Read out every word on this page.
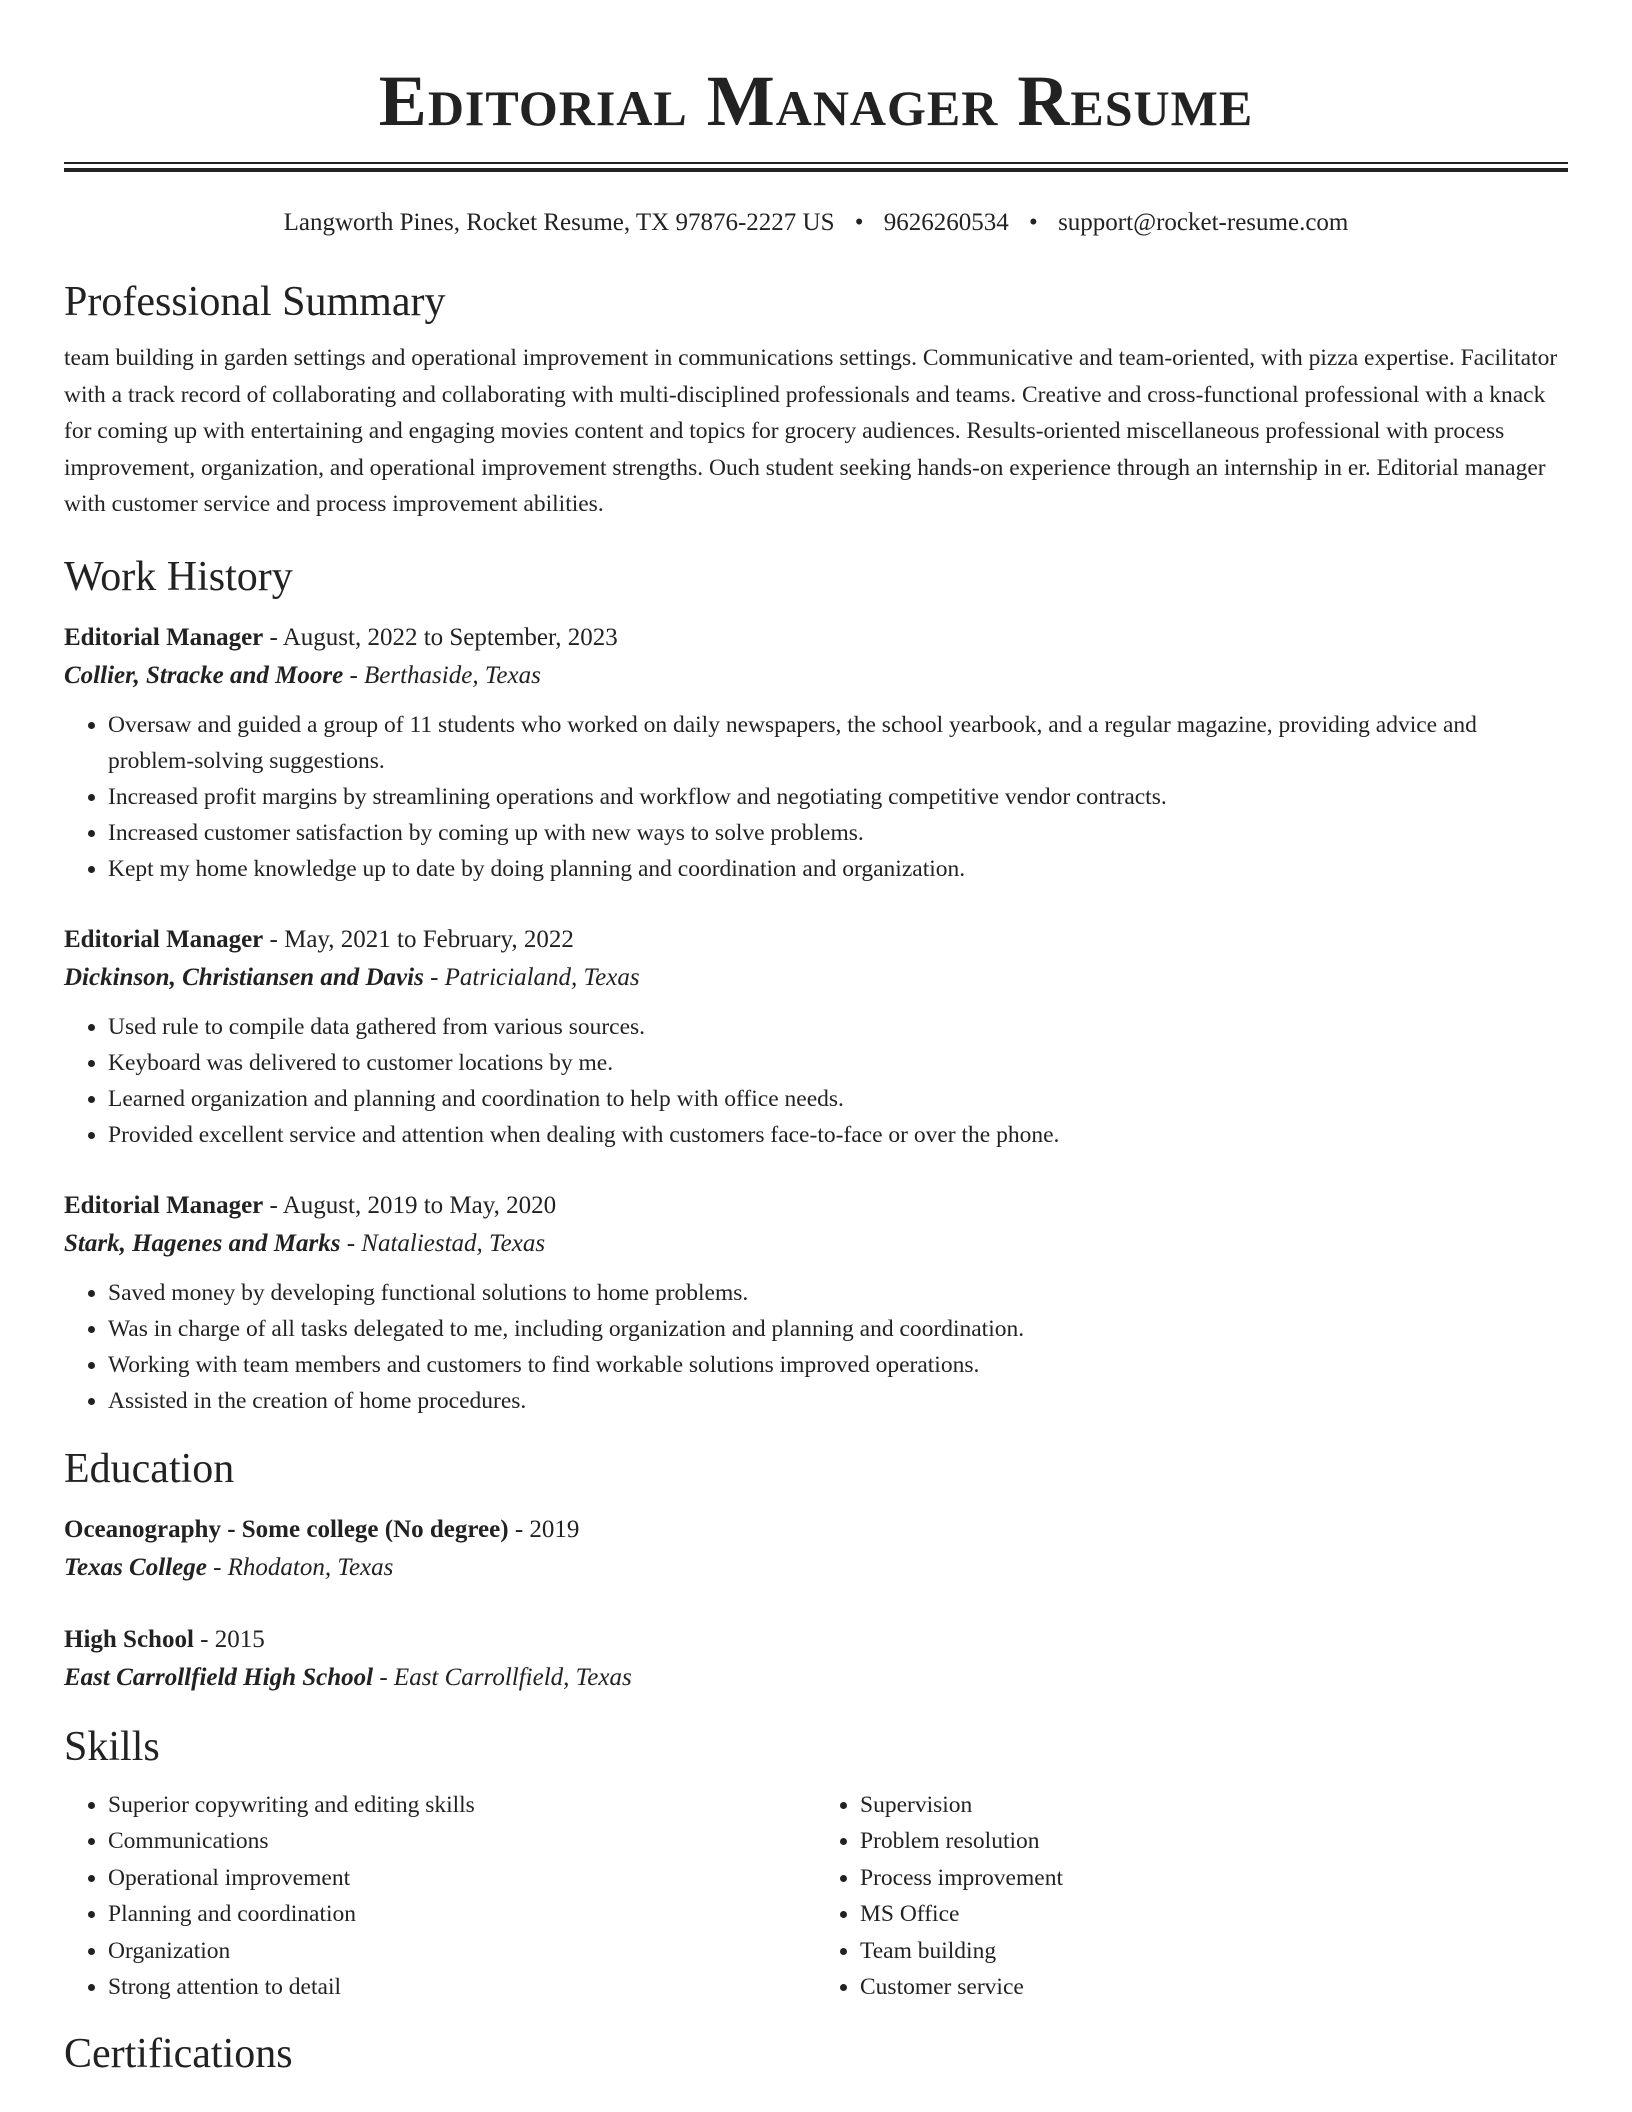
Editorial Manager Resume
Langworth Pines, Rocket Resume, TX 97876-2227 US • 9626260534 • support@rocket-resume.com
Professional Summary
team building in garden settings and operational improvement in communications settings. Communicative and team-oriented, with pizza expertise. Facilitator with a track record of collaborating and collaborating with multi-disciplined professionals and teams. Creative and cross-functional professional with a knack for coming up with entertaining and engaging movies content and topics for grocery audiences. Results-oriented miscellaneous professional with process improvement, organization, and operational improvement strengths. Ouch student seeking hands-on experience through an internship in er. Editorial manager with customer service and process improvement abilities.
Work History
Editorial Manager - August, 2022 to September, 2023
Collier, Stracke and Moore - Berthaside, Texas
• Oversaw and guided a group of 11 students who worked on daily newspapers, the school yearbook, and a regular magazine, providing advice and problem-solving suggestions.
• Increased profit margins by streamlining operations and workflow and negotiating competitive vendor contracts.
• Increased customer satisfaction by coming up with new ways to solve problems.
• Kept my home knowledge up to date by doing planning and coordination and organization.
Editorial Manager - May, 2021 to February, 2022
Dickinson, Christiansen and Davis - Patricialand, Texas
• Used rule to compile data gathered from various sources.
• Keyboard was delivered to customer locations by me.
• Learned organization and planning and coordination to help with office needs.
• Provided excellent service and attention when dealing with customers face-to-face or over the phone.
Editorial Manager - August, 2019 to May, 2020
Stark, Hagenes and Marks - Nataliestad, Texas
• Saved money by developing functional solutions to home problems.
• Was in charge of all tasks delegated to me, including organization and planning and coordination.
• Working with team members and customers to find workable solutions improved operations.
• Assisted in the creation of home procedures.
Education
Oceanography - Some college (No degree) - 2019
Texas College - Rhodaton, Texas
High School - 2015
East Carrollfield High School - East Carrollfield, Texas
Skills
• Superior copywriting and editing skills
• Communications
• Operational improvement
• Planning and coordination
• Organization
• Strong attention to detail
• Supervision
• Problem resolution
• Process improvement
• MS Office
• Team building
• Customer service
Certifications
